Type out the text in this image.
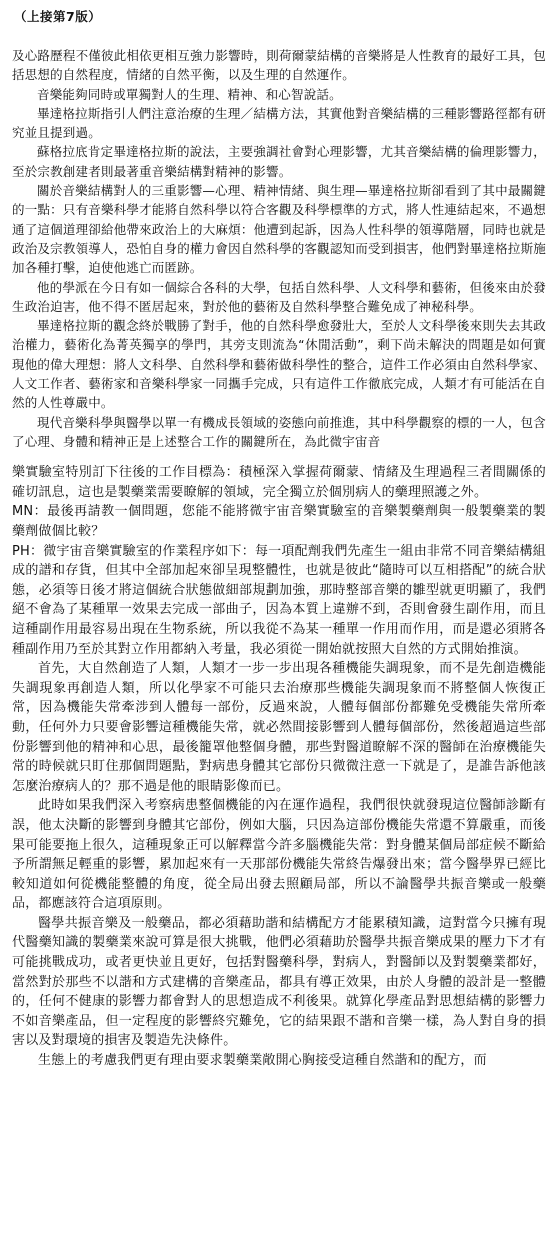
（上接第7版）

及心路歷程不僅彼此相依更相互強力影響時，則荷爾蒙結構的音樂將是人性教育的最好工具，包括思想的自然程度，情緒的自然平衡，以及生理的自然運作。

音樂能夠同時或單獨對人的生理、精神、和心智說話。

畢達格拉斯指引人們注意治療的生理／結構方法，其實他對音樂結構的三種影響路徑都有研究並且提到過。

蘇格拉底肯定畢達格拉斯的說法，主要強調社會對心理影響，尤其音樂結構的倫理影響力，至於宗教創建者則最著重音樂結構對精神的影響。

關於音樂結構對人的三重影響—心理、精神情緒、與生理—畢達格拉斯卻看到了其中最關鍵的一點：只有音樂科學才能將自然科學以符合客觀及科學標準的方式，將人性連結起來，不過想通了這個道理卻給他帶來政治上的大麻煩：他遭到起訴，因為人性科學的領導階層，同時也就是政治及宗教領導人，恐怕自身的權力會因自然科學的客觀認知而受到損害，他們對畢達格拉斯施加各種打擊，迫使他逃亡而匿跡。

他的學派在今日有如一個綜合各科的大學，包括自然科學、人文科學和藝術，但後來由於發生政治迫害，他不得不匿居起來，對於他的藝術及自然科學整合難免成了神秘科學。

畢達格拉斯的觀念終於戰勝了對手，他的自然科學愈發壯大，至於人文科學後來則失去其政治權力，藝術化為菁英獨享的學門，其旁支則流為“休閒活動”，剩下尚未解決的問題是如何實現他的偉大理想：將人文科學、自然科學和藝術做科學性的整合，這件工作必須由自然科學家、人文工作者、藝術家和音樂科學家一同攜手完成，只有這件工作徹底完成，人類才有可能活在自然的人性尊嚴中。

現代音樂科學與醫學以單一有機成長領域的姿態向前推進，其中科學觀察的標的一人，包含了心理、身體和精神正是上述整合工作的關鍵所在，為此微宇宙音

樂實驗室特別訂下往後的工作目標為：積極深入掌握荷爾蒙、情緒及生理過程三者間關係的確切訊息，這也是製藥業需要瞭解的領域，完全獨立於個別病人的藥理照護之外。

MN：最後再請教一個問題，您能不能將微宇宙音樂實驗室的音樂製藥劑與一般製藥業的製藥劑做個比較？

PH：微宇宙音樂實驗室的作業程序如下：每一項配劑我們先產生一組由非常不同音樂結構組成的譜和存貨，但其中全部加起來卻呈現整體性，也就是彼此“隨時可以互相搭配”的統合狀態，必須等日後才將這個統合狀態做細部規劃加強，那時整部音樂的雛型就更明顯了，我們絕不會為了某種單一效果去完成一部曲子，因為本質上違辦不到，否則會發生副作用，而且這種副作用最容易出現在生物系統，所以我從不為某一種單一作用而作用，而是還必須將各種副作用乃至於其對立作用都納入考量，我必須從一開始就按照大自然的方式開始推演。

首先，大自然創造了人類，人類才一步一步出現各種機能失調現象，而不是先創造機能失調現象再創造人類，所以化學家不可能只去治療那些機能失調現象而不將整個人恢復正常，因為機能失常牽涉到人體每一部份，反過來說，人體每個部份都難免受機能失常所牽動，任何外力只要會影響這種機能失常，就必然間接影響到人體每個部份，然後超過這些部份影響到他的精神和心思，最後籠罩他整個身體，那些對醫道瞭解不深的醫師在治療機能失常的時候就只盯住那個問題點，對病患身體其它部份只微微注意一下就是了，是誰告訴他該怎麼治療病人的？那不過是他的眼睛影像而已。

此時如果我們深入考察病患整個機能的內在運作過程，我們很快就發現這位醫師診斷有誤，他太決斷的影響到身體其它部份，例如大腦，只因為這部份機能失常還不算嚴重，而後果可能要拖上很久，這種現象正可以解釋當今許多腦機能失常：對身體某個局部症候不斷給予所謂無足輕重的影響，累加起來有一天那部份機能失常終告爆發出來；當今醫學界已經比較知道如何從機能整體的角度，從全局出發去照顧局部，所以不論醫學共振音樂或一般藥品，都應該符合這項原則。

醫學共振音樂及一般藥品，都必須藉助諧和結構配方才能累積知識，這對當今只擁有現代醫藥知識的製藥業來說可算是很大挑戰，他們必須藉助於醫學共振音樂成果的壓力下才有可能挑戰成功，或者更快並且更好，包括對醫藥科學，對病人，對醫師以及對製藥業都好，當然對於那些不以諧和方式建構的音樂產品，都具有導正效果，由於人身體的設計是一整體的，任何不健康的影響力都會對人的思想造成不利後果。就算化學產品對思想結構的影響力不如音樂產品，但一定程度的影響終究難免，它的結果跟不諧和音樂一樣，為人對自身的損害以及對環境的損害及製造先決條件。

生態上的考慮我們更有理由要求製藥業敞開心胸接受這種自然諧和的配方，而
